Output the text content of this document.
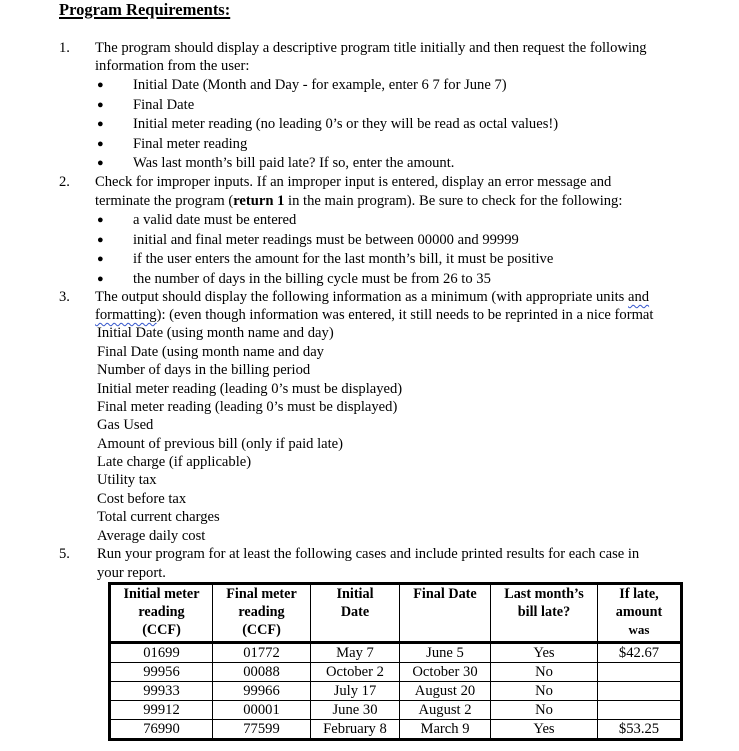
Program Requirements:
1. The program should display a descriptive program title initially and then request the following
information from the user:
● Initial Date (Month and Day - for example, enter 6 7 for June 7)
● Final Date
● Initial meter reading (no leading 0’s or they will be read as octal values!)
● Final meter reading
● Was last month’s bill paid late? If so, enter the amount.
2. Check for improper inputs. If an improper input is entered, display an error message and
terminate the program (return 1 in the main program). Be sure to check for the following:
● a valid date must be entered
● initial and final meter readings must be between 00000 and 99999
● if the user enters the amount for the last month’s bill, it must be positive
● the number of days in the billing cycle must be from 26 to 35
3. The output should display the following information as a minimum (with appropriate units and
formatting): (even though information was entered, it still needs to be reprinted in a nice format
Initial Date (using month name and day)
Final Date (using month name and day
Number of days in the billing period
Initial meter reading (leading 0’s must be displayed)
Final meter reading (leading 0’s must be displayed)
Gas Used
Amount of previous bill (only if paid late)
Late charge (if applicable)
Utility tax
Cost before tax
Total current charges
Average daily cost
5. Run your program for at least the following cases and include printed results for each case in
your report.
Initial meter
reading
(CCF)	Final meter
reading
(CCF)	Initial
Date	Final Date	Last month’s
bill late?	If late,
amount
was
01699	01772	May 7	June 5	Yes	$42.67
99956	00088	October 2	October 30	No	
99933	99966	July 17	August 20	No	
99912	00001	June 30	August 2	No	
76990	77599	February 8	March 9	Yes	$53.25
